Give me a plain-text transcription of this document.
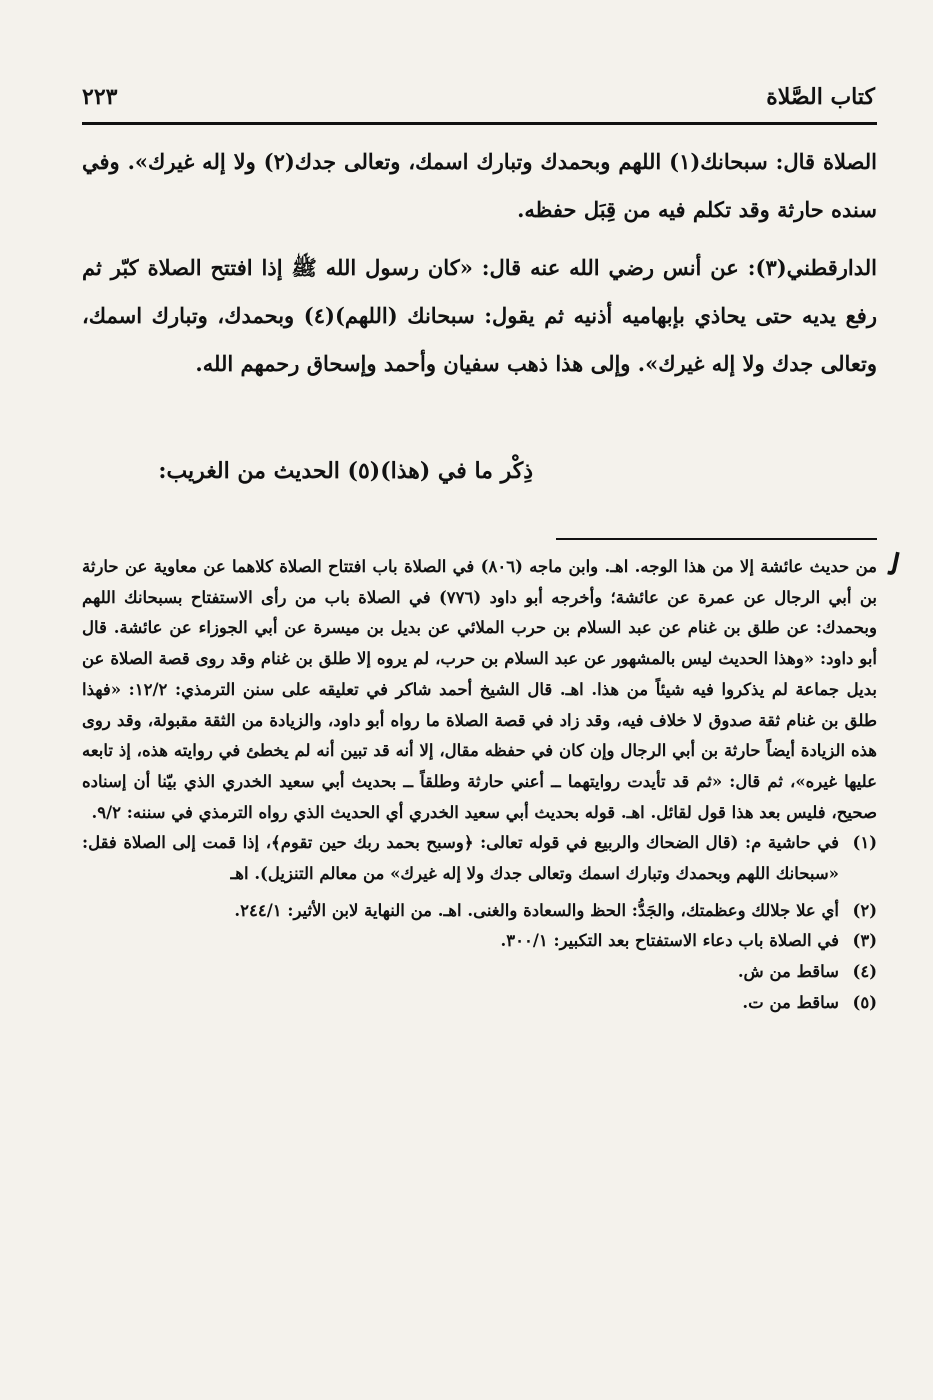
كتاب الصَّلاة
٢٢٣

الصلاة قال: سبحانك(١) اللهم وبحمدك وتبارك اسمك، وتعالى جدك(٢) ولا إله غيرك». وفي سنده حارثة وقد تكلم فيه من قِبَل حفظه.

الدارقطني(٣): عن أنس رضي الله عنه قال: «كان رسول الله ﷺ إذا افتتح الصلاة كبّر ثم رفع يديه حتى يحاذي بإبهاميه أذنيه ثم يقول: سبحانك (اللهم)(٤) وبحمدك، وتبارك اسمك، وتعالى جدك ولا إله غيرك». وإلى هذا ذهب سفيان وأحمد وإسحاق رحمهم الله.

ذِكْر ما في (هذا)(٥) الحديث من الغريب:
ﻟ

من حديث عائشة إلا من هذا الوجه. اهـ. وابن ماجه (٨٠٦) في الصلاة باب افتتاح الصلاة كلاهما عن معاوية عن حارثة بن أبي الرجال عن عمرة عن عائشة؛ وأخرجه أبو داود (٧٧٦) في الصلاة باب من رأى الاستفتاح بسبحانك اللهم وبحمدك: عن طلق بن غنام عن عبد السلام بن حرب الملائي عن بديل بن ميسرة عن أبي الجوزاء عن عائشة. قال أبو داود: «وهذا الحديث ليس بالمشهور عن عبد السلام بن حرب، لم يروه إلا طلق بن غنام وقد روى قصة الصلاة عن بديل جماعة لم يذكروا فيه شيئاً من هذا. اهـ. قال الشيخ أحمد شاكر في تعليقه على سنن الترمذي: ١٢/٢: «فهذا طلق بن غنام ثقة صدوق لا خلاف فيه، وقد زاد في قصة الصلاة ما رواه أبو داود، والزيادة من الثقة مقبولة، وقد روى هذه الزيادة أيضاً حارثة بن أبي الرجال وإن كان في حفظه مقال، إلا أنه قد تبين أنه لم يخطئ في روايته هذه، إذ تابعه عليها غيره»، ثم قال: «ثم قد تأيدت روايتهما ــ أعني حارثة وطلقاً ــ بحديث أبي سعيد الخدري الذي بيّنا أن إسناده صحيح، فليس بعد هذا قول لقائل. اهـ. قوله بحديث أبي سعيد الخدري أي الحديث الذي رواه الترمذي في سننه: ٩/٢.

(١)
في حاشية م: (قال الضحاك والربيع في قوله تعالى: ﴿وسبح بحمد ربك حين تقوم﴾، إذا قمت إلى الصلاة فقل: «سبحانك اللهم وبحمدك وتبارك اسمك وتعالى جدك ولا إله غيرك» من معالم التنزيل). اهـ
(٢)
أي علا جلالك وعظمتك، والجَدُّ: الحظ والسعادة والغنى. اهـ. من النهاية لابن الأثير: ٢٤٤/١.
(٣)
في الصلاة باب دعاء الاستفتاح بعد التكبير: ٣٠٠/١.
(٤)
ساقط من ش.
(٥)
ساقط من ت.
